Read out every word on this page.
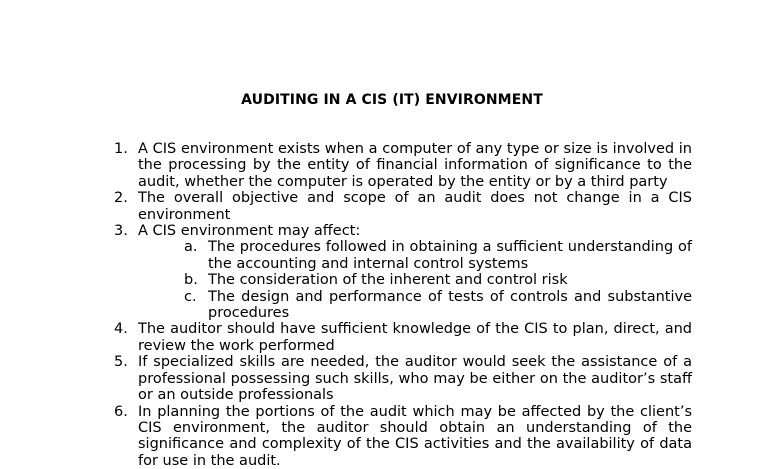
AUDITING IN A CIS (IT) ENVIRONMENT
1. A CIS environment exists when a computer of any type or size is involved in the processing by the entity of financial information of significance to the audit, whether the computer is operated by the entity or by a third party
2. The overall objective and scope of an audit does not change in a CIS environment
3. A CIS environment may affect:
a. The procedures followed in obtaining a sufficient understanding of the accounting and internal control systems
b. The consideration of the inherent and control risk
c. The design and performance of tests of controls and substantive procedures
4. The auditor should have sufficient knowledge of the CIS to plan, direct, and review the work performed
5. If specialized skills are needed, the auditor would seek the assistance of a professional possessing such skills, who may be either on the auditor’s staff or an outside professionals
6. In planning the portions of the audit which may be affected by the client’s CIS environment, the auditor should obtain an understanding of the significance and complexity of the CIS activities and the availability of data for use in the audit.
